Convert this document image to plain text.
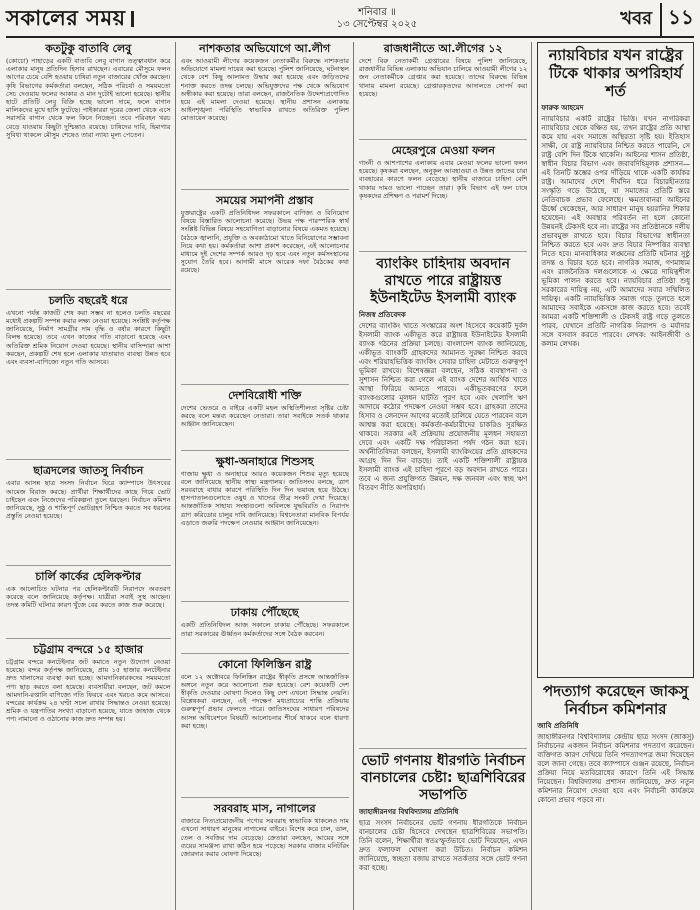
সকালের সময়	শনিবার ॥
১৩ সেপ্টেম্বর ২০২৫	খবর ১১
কতটুকু বাতাবি লেবু
(কোচো) পাহাড়ের একটি বাতাবি লেবু বাগান তত্ত্বাবধান করে এলাকার মানুষ প্রতিদিন হিসাব রাখছেন। এবারের মৌসুমে ফলন আগের চেয়ে বেশি হওয়ায় চাষিরা নতুন বাজারের খোঁজ করছেন। কৃষি বিভাগের কর্মকর্তারা বলছেন, সঠিক পরিচর্যা ও সময়মতো সেচ দেওয়ায় ফলের আকার ও মান দুটোই ভালো হয়েছে। স্থানীয় হাটে প্রতিটি লেবু বিক্রি হচ্ছে ভালো দামে, ফলে বাগান মালিকদের মুখে হাসি ফুটেছে। পাইকাররা দূরের জেলা থেকে এসে সরাসরি বাগান থেকে ফল কিনে নিচ্ছেন। তবে পরিবহন খরচ বেড়ে যাওয়ায় কিছুটা দুশ্চিন্তাও রয়েছে। চাষিদের দাবি, হিমাগার সুবিধা থাকলে মৌসুম শেষেও তারা ন্যায্য মূল্য পেতেন।
চলতি বছরেই ধরে
এখনো পর্যন্ত কাজটি শেষ করা সম্ভব না হলেও চলতি বছরের মধ্যেই প্রকল্পটি সম্পন্ন করার লক্ষ্য নেওয়া হয়েছে। সংশ্লিষ্ট কর্তৃপক্ষ জানিয়েছে, নির্মাণ সামগ্রীর দাম বৃদ্ধি ও বর্ষার কারণে কিছুটা বিলম্ব হয়েছে। তবে এখন কাজের গতি বাড়ানো হয়েছে এবং অতিরিক্ত শ্রমিক নিয়োগ দেওয়া হয়েছে। স্থানীয় বাসিন্দারা আশা করছেন, প্রকল্পটি শেষ হলে এলাকার যাতায়াত ব্যবস্থা উন্নত হবে এবং ব্যবসা-বাণিজ্যে নতুন গতি আসবে।
ছাত্রদলের জাতসু নির্বাচন
এবার আসন্ন ছাত্র সংসদ নির্বাচন ঘিরে ক্যাম্পাসে উৎসবের আমেজ বিরাজ করছে। প্রার্থীরা শিক্ষার্থীদের কাছে গিয়ে ভোট চাইছেন এবং নিজেদের পরিকল্পনা তুলে ধরছেন। নির্বাচন কমিশন জানিয়েছে, সুষ্ঠু ও শান্তিপূর্ণ ভোটগ্রহণ নিশ্চিত করতে সব ধরনের প্রস্তুতি নেওয়া হয়েছে।
চার্লি কার্কের হেলিকপ্টার
এক আলোচিত ঘটনার পর হেলিকপ্টারটি নিরাপদে অবতরণ করেছে বলে জানিয়েছে কর্তৃপক্ষ। যাত্রীরা সবাই সুস্থ আছেন। তদন্ত কমিটি ঘটনার কারণ খুঁজে বের করতে কাজ শুরু করেছে।
চট্টগ্রাম বন্দরে ১৫ হাজার
চট্টগ্রাম বন্দরে কনটেইনার জট কমাতে নতুন উদ্যোগ নেওয়া হয়েছে। বন্দর কর্তৃপক্ষ জানিয়েছে, প্রায় ১৫ হাজার কনটেইনার দ্রুত খালাসের ব্যবস্থা করা হচ্ছে। আমদানিকারকদের সময়মতো পণ্য ছাড় করতে বলা হয়েছে। ব্যবসায়ীরা বলছেন, জট কমলে আমদানি-রপ্তানি বাণিজ্যে গতি ফিরবে এবং খরচও কমে আসবে। বন্দরের কার্যক্রম ২৪ ঘণ্টা সচল রাখার সিদ্ধান্তও নেওয়া হয়েছে। শ্রমিক ও যন্ত্রপাতির সংখ্যা বাড়ানো হয়েছে, যাতে জাহাজ থেকে পণ্য নামানো ও ওঠানোর কাজ দ্রুত সম্পন্ন হয়।
নাশকতার অভিযোগে আ.লীগ
এবং আওয়ামী লীগের কয়েকজন নেতাকর্মীর বিরুদ্ধে নাশকতার অভিযোগে মামলা দায়ের করা হয়েছে। পুলিশ জানিয়েছে, ঘটনাস্থল থেকে বেশ কিছু আলামত উদ্ধার করা হয়েছে এবং জড়িতদের শনাক্ত করতে তদন্ত চলছে। অভিযুক্তদের পক্ষ থেকে অভিযোগ অস্বীকার করা হয়েছে। তারা বলছেন, রাজনৈতিক উদ্দেশ্যপ্রণোদিত হয়ে এই মামলা দেওয়া হয়েছে। স্থানীয় প্রশাসন এলাকায় আইনশৃঙ্খলা পরিস্থিতি স্বাভাবিক রাখতে অতিরিক্ত পুলিশ মোতায়েন করেছে।
সময়ের সমাপনী প্রস্তাব
যুক্তরাষ্ট্রের একটি প্রতিনিধিদল সফরকালে বাণিজ্য ও বিনিয়োগ বিষয়ে বিস্তারিত আলোচনা করেছে। উভয় পক্ষ পারস্পরিক স্বার্থ সংশ্লিষ্ট বিভিন্ন বিষয়ে সহযোগিতা বাড়ানোর বিষয়ে একমত হয়েছে। বৈঠকে জ্বালানি, প্রযুক্তি ও অবকাঠামো খাতে বিনিয়োগের সম্ভাবনা নিয়ে কথা হয়। কর্মকর্তারা আশা প্রকাশ করেছেন, এই আলোচনার মাধ্যমে দুই দেশের সম্পর্ক আরও দৃঢ় হবে এবং নতুন কর্মসংস্থানের সুযোগ তৈরি হবে। আগামী মাসে আরেক দফা বৈঠকের কথা রয়েছে।
দেশবিরোধী শক্তি
দেশের ভেতরে ও বাইরে একটি মহল অস্থিতিশীলতা সৃষ্টির চেষ্টা করছে বলে মন্তব্য করেছেন নেতারা। তারা সবাইকে সতর্ক থাকার আহ্বান জানিয়েছেন।
ক্ষুধা-অনাহারে শিশুসহ
গাজায় ক্ষুধা ও অনাহারে আরও কয়েকজন শিশুর মৃত্যু হয়েছে বলে জানিয়েছে স্থানীয় স্বাস্থ্য মন্ত্রণালয়। জাতিসংঘ বলছে, ত্রাণ সরবরাহে বাধার কারণে পরিস্থিতি দিন দিন ভয়াবহ হয়ে উঠছে। হাসপাতালগুলোতে ওষুধ ও খাদ্যের তীব্র সংকট দেখা দিয়েছে। আন্তর্জাতিক সাহায্য সংস্থাগুলো অবিলম্বে যুদ্ধবিরতি ও নিরাপদ ত্রাণ করিডোর চালুর দাবি জানিয়েছে। বিশ্বনেতারা মানবিক বিপর্যয় এড়াতে জরুরি পদক্ষেপ নেওয়ার আহ্বান জানিয়েছেন।
ঢাকায় পৌঁছেছে
একটি প্রতিনিধিদল আজ সকালে ঢাকায় পৌঁছেছে। সফরকালে তারা সরকারের ঊর্ধ্বতন কর্মকর্তাদের সঙ্গে বৈঠক করবেন।
কোনো ফিলিস্তিন রাষ্ট্র
বলে ১২ অক্টোবরে ফিলিস্তিন রাষ্ট্রের স্বীকৃতি প্রসঙ্গে আন্তর্জাতিক অঙ্গনে নতুন করে আলোচনা শুরু হয়েছে। বেশ কয়েকটি দেশ স্বীকৃতি দেওয়ার ঘোষণা দিলেও কিছু দেশ এখনো সিদ্ধান্ত নেয়নি। বিশ্লেষকরা বলছেন, এই পদক্ষেপ মধ্যপ্রাচ্যের শান্তি প্রক্রিয়ায় গুরুত্বপূর্ণ প্রভাব ফেলতে পারে। জাতিসংঘের সাধারণ পরিষদের আসন্ন অধিবেশনে বিষয়টি আলোচনার শীর্ষে থাকবে বলে ধারণা করা হচ্ছে।
সরবরাহ মাস, নাগালের
বাজারে নিত্যপ্রয়োজনীয় পণ্যের সরবরাহ স্বাভাবিক থাকলেও দাম এখনো সাধারণ মানুষের নাগালের বাইরে। বিশেষ করে চাল, ডাল, তেল ও সবজির দাম বেড়েছে। ক্রেতারা বলছেন, আয়ের সঙ্গে ব্যয়ের সামঞ্জস্য রাখা কঠিন হয়ে পড়েছে। সরকার বাজার মনিটরিং জোরদার করার ঘোষণা দিয়েছে।
রাজধানীতে আ.লীগের ১২
দেশে বিরু নেতাকর্মী গ্রেপ্তারের বিষয়ে পুলিশ জানিয়েছে, রাজধানীর বিভিন্ন এলাকায় অভিযান চালিয়ে আওয়ামী লীগের ১২ জন নেতাকর্মীকে গ্রেপ্তার করা হয়েছে। তাদের বিরুদ্ধে বিভিন্ন থানায় মামলা রয়েছে। গ্রেপ্তারকৃতদের আদালতে সোপর্দ করা হয়েছে।
মেহেরপুরে মেওয়া ফলন
গাংনী ও আশপাশের এলাকায় এবার মেওয়া ফলের ভালো ফলন হয়েছে। কৃষকরা বলছেন, অনুকূল আবহাওয়া ও উন্নত জাতের চারা ব্যবহারের কারণে ফলন বেড়েছে। স্থানীয় বাজারে চাহিদা বেশি থাকায় দামও ভালো পাচ্ছেন তারা। কৃষি বিভাগ এই ফল চাষে কৃষকদের প্রশিক্ষণ ও পরামর্শ দিচ্ছে।
ব্যাংকিং চাহিদায় অবদান রাখতে পারে রাষ্ট্রায়ত্ত ইউনাইটেড ইসলামী ব্যাংক
নিজস্ব প্রতিবেদক
দেশের ব্যাংকিং খাতে সংস্কারের অংশ হিসেবে কয়েকটি দুর্বল ইসলামী ব্যাংক একীভূত করে রাষ্ট্রায়ত্ত ইউনাইটেড ইসলামী ব্যাংক গঠনের প্রক্রিয়া চলছে। বাংলাদেশ ব্যাংক জানিয়েছে, একীভূত ব্যাংকটি গ্রাহকদের আমানত সুরক্ষা নিশ্চিত করবে এবং শরিয়াহভিত্তিক ব্যাংকিং সেবার চাহিদা মেটাতে গুরুত্বপূর্ণ ভূমিকা রাখবে। বিশেষজ্ঞরা বলছেন, সঠিক ব্যবস্থাপনা ও সুশাসন নিশ্চিত করা গেলে এই ব্যাংক দেশের আর্থিক খাতে আস্থা ফিরিয়ে আনতে পারবে। একীভূতকরণের ফলে ব্যাংকগুলোর মূলধন ঘাটতি পূরণ হবে এবং খেলাপি ঋণ আদায়ে কঠোর পদক্ষেপ নেওয়া সম্ভব হবে। গ্রাহকরা তাদের হিসাব ও লেনদেন আগের মতোই চালিয়ে যেতে পারবেন বলে আশ্বস্ত করা হয়েছে। কর্মকর্তা-কর্মচারীদের চাকরিও সুরক্ষিত থাকবে। সরকার এই প্রক্রিয়ায় প্রয়োজনীয় মূলধন সহায়তা দেবে এবং একটি দক্ষ পরিচালনা পর্ষদ গঠন করা হবে। অর্থনীতিবিদরা বলছেন, ইসলামী ব্যাংকিংয়ের প্রতি গ্রাহকদের আগ্রহ দিন দিন বাড়ছে। তাই একটি শক্তিশালী রাষ্ট্রায়ত্ত ইসলামী ব্যাংক এই চাহিদা পূরণে বড় অবদান রাখতে পারে। তবে এ জন্য প্রযুক্তিগত উন্নয়ন, দক্ষ জনবল এবং স্বচ্ছ ঋণ বিতরণ নীতি অপরিহার্য।
ভোট গণনায় ধীরগতি নির্বাচন বানচালের চেষ্টা: ছাত্রশিবিরের সভাপতি
জাহাঙ্গীরনগর বিশ্ববিদ্যালয় প্রতিনিধি
ছাত্র সংসদ নির্বাচনের ভোট গণনায় ধীরগতিকে নির্বাচন বানচালের চেষ্টা হিসেবে দেখছেন ছাত্রশিবিরের সভাপতি। তিনি বলেন, শিক্ষার্থীরা স্বতঃস্ফূর্তভাবে ভোট দিয়েছেন, এখন দ্রুত ফলাফল ঘোষণা করা উচিত। নির্বাচন কমিশন জানিয়েছে, স্বচ্ছতা বজায় রাখতে সতর্কতার সঙ্গে ভোট গণনা করা হচ্ছে।
ন্যায়বিচার যখন রাষ্ট্রের টিকে থাকার অপরিহার্য শর্ত
ফারুক আহমেদ
ন্যায়বিচার একটি রাষ্ট্রের ভিত্তি। যখন নাগরিকরা ন্যায়বিচার থেকে বঞ্চিত হয়, তখন রাষ্ট্রের প্রতি আস্থা কমে যায় এবং সমাজে অস্থিরতা সৃষ্টি হয়। ইতিহাস সাক্ষী, যে রাষ্ট্র ন্যায়বিচার নিশ্চিত করতে পারেনি, সে রাষ্ট্র বেশি দিন টিকে থাকেনি। আইনের শাসন প্রতিষ্ঠা, স্বাধীন বিচার বিভাগ এবং জবাবদিহিমূলক প্রশাসন—এই তিনটি স্তম্ভের ওপর দাঁড়িয়ে থাকে একটি কার্যকর রাষ্ট্র। আমাদের দেশে দীর্ঘদিন ধরে বিচারহীনতার সংস্কৃতি গড়ে উঠেছে, যা সমাজের প্রতিটি স্তরে নেতিবাচক প্রভাব ফেলেছে। ক্ষমতাবানরা আইনের ঊর্ধ্বে থেকেছেন, আর সাধারণ মানুষ হয়রানির শিকার হয়েছেন। এই অবস্থার পরিবর্তন না হলে কোনো উন্নয়নই টেকসই হবে না। রাষ্ট্রের সব প্রতিষ্ঠানকে দলীয় প্রভাবমুক্ত রাখতে হবে। বিচার বিভাগের স্বাধীনতা নিশ্চিত করতে হবে এবং দ্রুত বিচার নিষ্পত্তির ব্যবস্থা নিতে হবে। মানবাধিকার লঙ্ঘনের প্রতিটি ঘটনার সুষ্ঠু তদন্ত ও বিচার হতে হবে। নাগরিক সমাজ, গণমাধ্যম এবং রাজনৈতিক দলগুলোকে এ ক্ষেত্রে দায়িত্বশীল ভূমিকা পালন করতে হবে। ন্যায়বিচার প্রতিষ্ঠা শুধু সরকারের দায়িত্ব নয়, এটি আমাদের সবার সম্মিলিত দায়িত্ব। একটি ন্যায়ভিত্তিক সমাজ গড়ে তুলতে হলে আমাদের সবাইকে একসঙ্গে কাজ করতে হবে। তবেই আমরা একটি শক্তিশালী ও টেকসই রাষ্ট্র গড়ে তুলতে পারব, যেখানে প্রতিটি নাগরিক নিরাপদ ও মর্যাদার সঙ্গে বসবাস করতে পারবে। লেখক: আইনজীবী ও কলাম লেখক।
পদত্যাগ করেছেন জাকসু নির্বাচন কমিশনার
জাবি প্রতিনিধি
জাহাঙ্গীরনগর বিশ্ববিদ্যালয় কেন্দ্রীয় ছাত্র সংসদ (জাকসু) নির্বাচনের একজন নির্বাচন কমিশনার পদত্যাগ করেছেন। ব্যক্তিগত কারণ দেখিয়ে তিনি পদত্যাগপত্র জমা দিয়েছেন বলে জানা গেছে। তবে ক্যাম্পাসে গুঞ্জন রয়েছে, নির্বাচন প্রক্রিয়া নিয়ে মতবিরোধের কারণে তিনি এই সিদ্ধান্ত নিয়েছেন। বিশ্ববিদ্যালয় প্রশাসন জানিয়েছে, দ্রুত নতুন কমিশনার নিয়োগ দেওয়া হবে এবং নির্বাচনী কার্যক্রমে কোনো প্রভাব পড়বে না।
